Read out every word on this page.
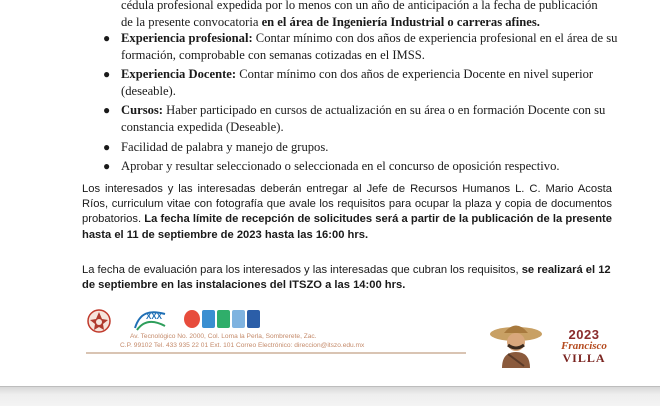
cédula profesional expedida por lo menos con un año de anticipación a la fecha de publicación
de la presente convocatoria en el área de Ingeniería Industrial o carreras afines.
● Experiencia profesional: Contar mínimo con dos años de experiencia profesional en el área de su formación, comprobable con semanas cotizadas en el IMSS.
● Experiencia Docente: Contar mínimo con dos años de experiencia Docente en nivel superior (deseable).
● Cursos: Haber participado en cursos de actualización en su área o en formación Docente con su constancia expedida (Deseable).
● Facilidad de palabra y manejo de grupos.
● Aprobar y resultar seleccionado o seleccionada en el concurso de oposición respectivo.
Los interesados y las interesadas deberán entregar al Jefe de Recursos Humanos L. C. Mario Acosta Ríos, curriculum vitae con fotografía que avale los requisitos para ocupar la plaza y copia de documentos probatorios. La fecha límite de recepción de solicitudes será a partir de la publicación de la presente hasta el 11 de septiembre de 2023 hasta las 16:00 hrs.
La fecha de evaluación para los interesados y las interesadas que cubran los requisitos, se realizará el 12 de septiembre en las instalaciones del ITSZO a las 14:00 hrs.
XXX
Av. Tecnológico No. 2000, Col. Loma la Perla, Sombrerete, Zac.
C.P. 99102 Tel. 433 935 22 01 Ext. 101 Correo Electrónico: direccion@itszo.edu.mx
2023
Francisco
VILLA
